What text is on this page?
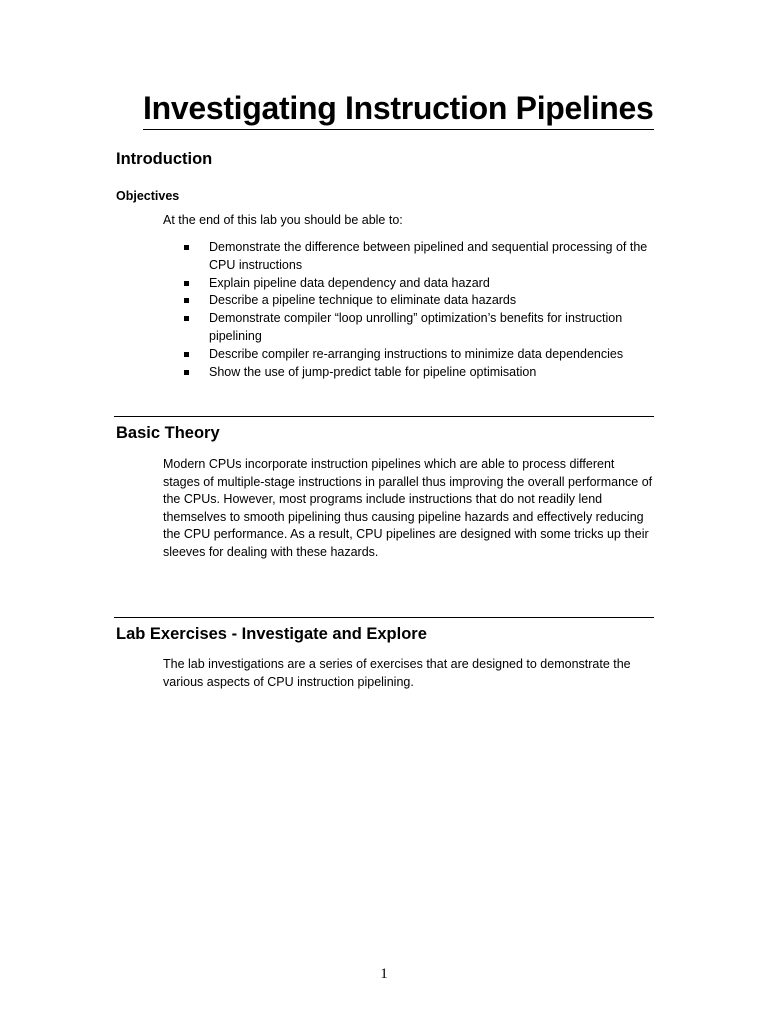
Investigating Instruction Pipelines
Introduction
Objectives

At the end of this lab you should be able to:

Demonstrate the difference between pipelined and sequential processing of the CPU instructions
Explain pipeline data dependency and data hazard
Describe a pipeline technique to eliminate data hazards
Demonstrate compiler “loop unrolling” optimization’s benefits for instruction pipelining
Describe compiler re-arranging instructions to minimize data dependencies
Show the use of jump-predict table for pipeline optimisation
Basic Theory

Modern CPUs incorporate instruction pipelines which are able to process different stages of multiple-stage instructions in parallel thus improving the overall performance of the CPUs. However, most programs include instructions that do not readily lend themselves to smooth pipelining thus causing pipeline hazards and effectively reducing the CPU performance. As a result, CPU pipelines are designed with some tricks up their sleeves for dealing with these hazards.

Lab Exercises - Investigate and Explore

The lab investigations are a series of exercises that are designed to demonstrate the various aspects of CPU instruction pipelining.

1
